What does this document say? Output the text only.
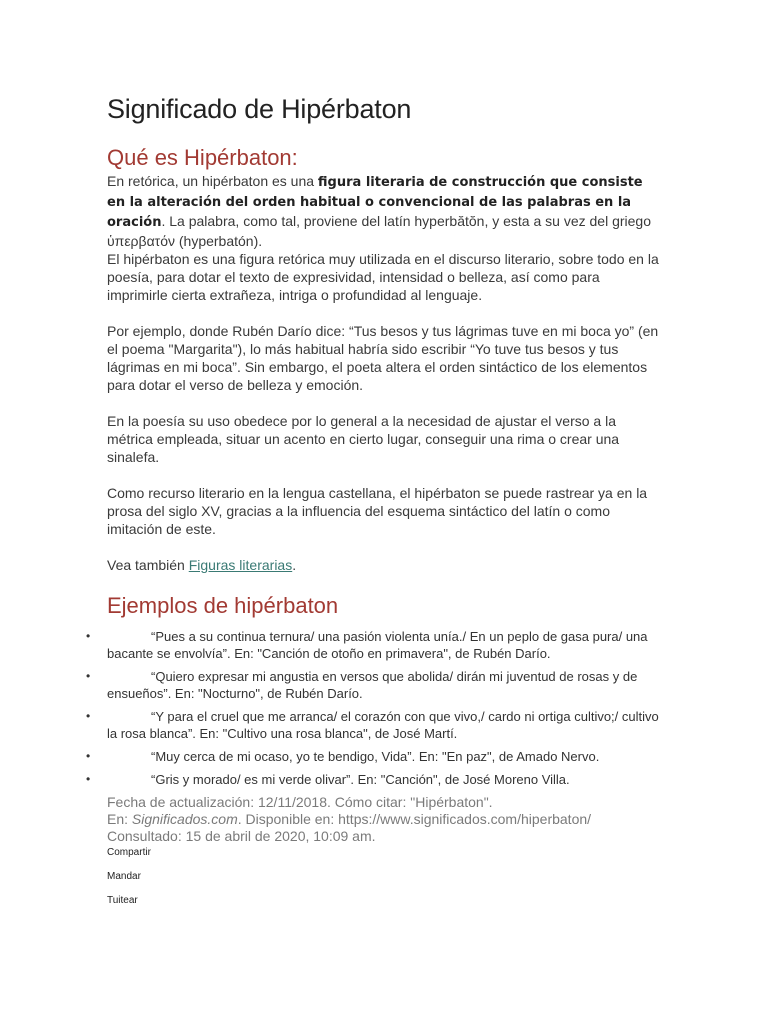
Significado de Hipérbaton
Qué es Hipérbaton:

En retórica, un hipérbaton es una figura literaria de construcción que consiste en la alteración del orden habitual o convencional de las palabras en la oración. La palabra, como tal, proviene del latín hyperbătŏn, y esta a su vez del griego ὑπερβατόν (hyperbatón).

El hipérbaton es una figura retórica muy utilizada en el discurso literario, sobre todo en la poesía, para dotar el texto de expresividad, intensidad o belleza, así como para imprimirle cierta extrañeza, intriga o profundidad al lenguaje.

Por ejemplo, donde Rubén Darío dice: “Tus besos y tus lágrimas tuve en mi boca yo” (en el poema "Margarita"), lo más habitual habría sido escribir “Yo tuve tus besos y tus lágrimas en mi boca”. Sin embargo, el poeta altera el orden sintáctico de los elementos para dotar el verso de belleza y emoción.

En la poesía su uso obedece por lo general a la necesidad de ajustar el verso a la métrica empleada, situar un acento en cierto lugar, conseguir una rima o crear una sinalefa.

Como recurso literario en la lengua castellana, el hipérbaton se puede rastrear ya en la prosa del siglo XV, gracias a la influencia del esquema sintáctico del latín o como imitación de este.

Vea también Figuras literarias.

Ejemplos de hipérbaton
•	“Pues a su continua ternura/ una pasión violenta unía./ En un peplo de gasa pura/ una bacante se envolvía”. En: "Canción de otoño en primavera", de Rubén Darío.
•	“Quiero expresar mi angustia en versos que abolida/ dirán mi juventud de rosas y de ensueños”. En: "Nocturno", de Rubén Darío.
•	“Y para el cruel que me arranca/ el corazón con que vivo,/ cardo ni ortiga cultivo;/ cultivo la rosa blanca”. En: "Cultivo una rosa blanca", de José Martí.
•	“Muy cerca de mi ocaso, yo te bendigo, Vida”. En: "En paz", de Amado Nervo.
•	“Gris y morado/ es mi verde olivar”. En: "Canción", de José Moreno Villa.
Fecha de actualización: 12/11/2018. Cómo citar: "Hipérbaton".
En: Significados.com. Disponible en: https://www.significados.com/hiperbaton/
Consultado: 15 de abril de 2020, 10:09 am.
Compartir
Mandar
Tuitear
